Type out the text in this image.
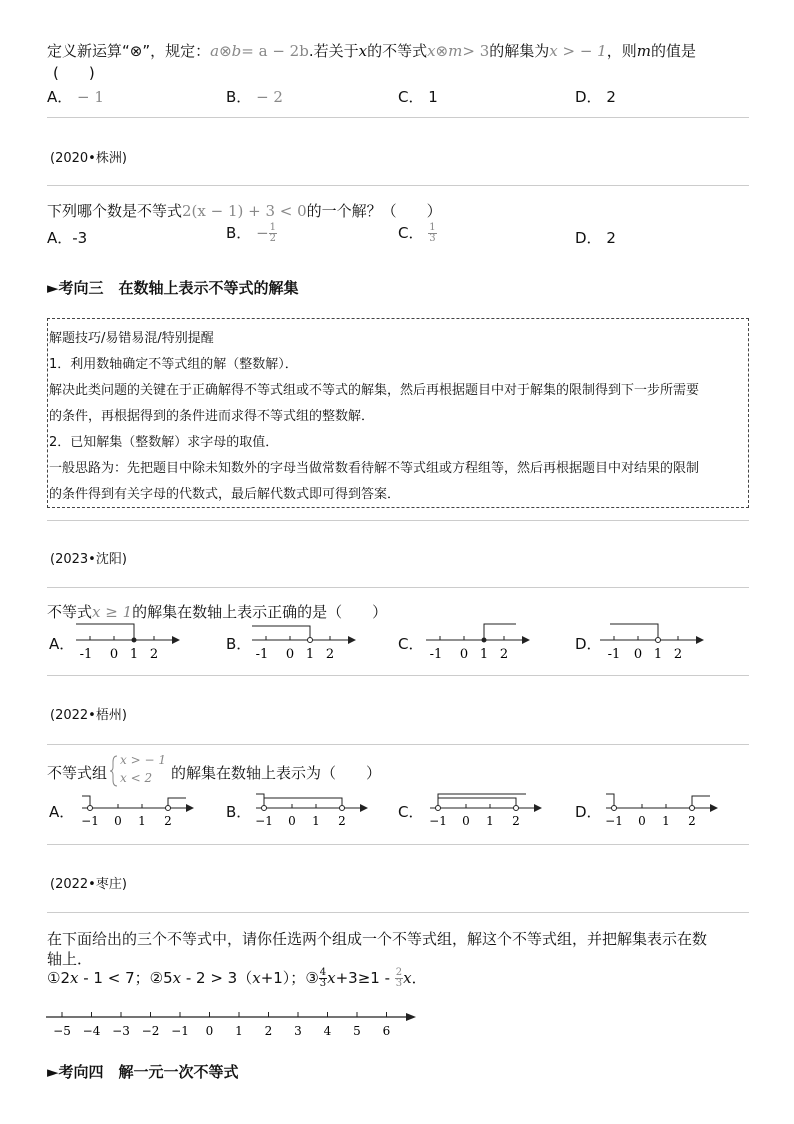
定义新运算“⊗”，规定：a⊗b= a − 2b.若关于x的不等式x⊗m> 3的解集为x > − 1，则m的值是
(　　)
A． − 1	B． − 2	C． 1	D． 2
(2020•株洲)
下列哪个数是不等式2(x − 1) + 3 < 0的一个解？（　　）
A．-3	B． − $\frac{1}{2}$	C． $\frac{1}{3}$	D． 2
►考向三　在数轴上表示不等式的解集
解题技巧/易错易混/特别提醒
1．利用数轴确定不等式组的解（整数解）．
解决此类问题的关键在于正确解得不等式组或不等式的解集，然后再根据题目中对于解集的限制得到下一步所需要
的条件，再根据得到的条件进而求得不等式组的整数解．
2．已知解集（整数解）求字母的取值．
一般思路为：先把题目中除未知数外的字母当做常数看待解不等式组或方程组等，然后再根据题目中对结果的限制
的条件得到有关字母的代数式，最后解代数式即可得到答案．
(2023•沈阳)
不等式x ≥ 1的解集在数轴上表示正确的是（　　）
A．	B．	C．	D．
-1 0 1 2	-1 0 1 2	-1 0 1 2	-1 0 1 2
(2022•梧州)
不等式组
x > − 1
x < 2 的解集在数轴上表示为（　　）
A．	B．	C．	D．
−1 0 1 2	−1 0 1 2	−1 0 1 2	−1 0 1 2
(2022•枣庄)
在下面给出的三个不等式中，请你任选两个组成一个不等式组，解这个不等式组，并把解集表示在数
轴上．
①2x - 1 < 7；②5x - 2 > 3（x+1）；③ $\frac{4}{3} x+3\ge 1 - \frac{2}{3}$ x．
−5 −4 −3 −2 −1 0 1 2 3 4 5 6
►考向四　解一元一次不等式
